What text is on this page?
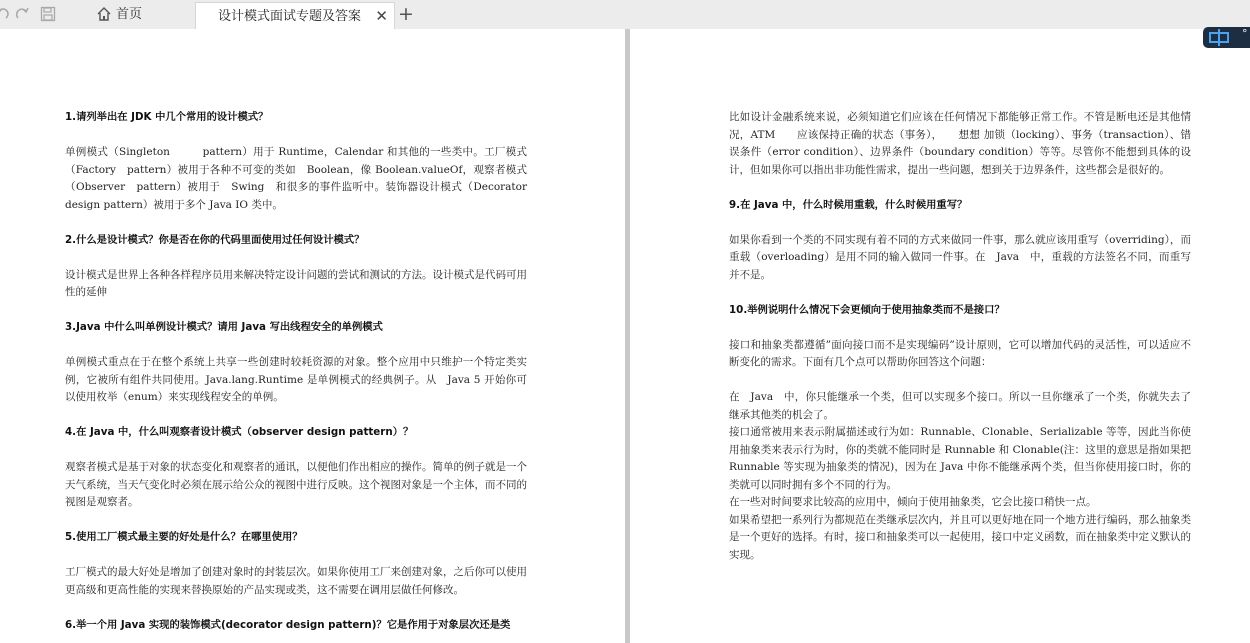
首页	设计模式面试专题及答案 ✕ +

1.请列举出在 JDK 中几个常用的设计模式？

单例模式（Singleton　　　pattern）用于 Runtime，Calendar 和其他的一些类中。工厂模式（Factory　pattern）被用于各种不可变的类如　Boolean，像 Boolean.valueOf，观察者模式（Observer　pattern）被用于　Swing　和很多的事件监听中。装饰器设计模式（Decorator design pattern）被用于多个 Java IO 类中。

2.什么是设计模式？你是否在你的代码里面使用过任何设计模式？

设计模式是世界上各种各样程序员用来解决特定设计问题的尝试和测试的方法。设计模式是代码可用性的延伸

3.Java 中什么叫单例设计模式？请用 Java 写出线程安全的单例模式

单例模式重点在于在整个系统上共享一些创建时较耗资源的对象。整个应用中只维护一个特定类实例，它被所有组件共同使用。Java.lang.Runtime 是单例模式的经典例子。从　Java 5 开始你可以使用枚举（enum）来实现线程安全的单例。

4.在 Java 中，什么叫观察者设计模式（observer design pattern）？

观察者模式是基于对象的状态变化和观察者的通讯，以便他们作出相应的操作。简单的例子就是一个天气系统，当天气变化时必须在展示给公众的视图中进行反映。这个视图对象是一个主体，而不同的视图是观察者。

5.使用工厂模式最主要的好处是什么？在哪里使用？

工厂模式的最大好处是增加了创建对象时的封装层次。如果你使用工厂来创建对象，之后你可以使用更高级和更高性能的实现来替换原始的产品实现或类，这不需要在调用层做任何修改。

6.举一个用 Java 实现的装饰模式(decorator design pattern)？它是作用于对象层次还是类

比如设计金融系统来说，必须知道它们应该在任何情况下都能够正常工作。不管是断电还是其他情况，ATM　　应该保持正确的状态（事务），　　想想 加锁（locking）、事务（transaction）、错误条件（error condition）、边界条件（boundary condition）等等。尽管你不能想到具体的设计，但如果你可以指出非功能性需求，提出一些问题，想到关于边界条件，这些都会是很好的。

9.在 Java 中，什么时候用重载，什么时候用重写？

如果你看到一个类的不同实现有着不同的方式来做同一件事，那么就应该用重写（overriding），而重载（overloading）是用不同的输入做同一件事。在　Java　中，重载的方法签名不同，而重写并不是。

10.举例说明什么情况下会更倾向于使用抽象类而不是接口？

接口和抽象类都遵循”面向接口而不是实现编码”设计原则，它可以增加代码的灵活性，可以适应不断变化的需求。下面有几个点可以帮助你回答这个问题：

在　Java　中，你只能继承一个类，但可以实现多个接口。所以一旦你继承了一个类，你就失去了继承其他类的机会了。

接口通常被用来表示附属描述或行为如：Runnable、Clonable、Serializable 等等，因此当你使用抽象类来表示行为时，你的类就不能同时是 Runnable 和 Clonable(注：这里的意思是指如果把 Runnable 等实现为抽象类的情况)，因为在 Java 中你不能继承两个类，但当你使用接口时，你的类就可以同时拥有多个不同的行为。

在一些对时间要求比较高的应用中，倾向于使用抽象类，它会比接口稍快一点。

如果希望把一系列行为都规范在类继承层次内，并且可以更好地在同一个地方进行编码，那么抽象类是一个更好的选择。有时，接口和抽象类可以一起使用，接口中定义函数，而在抽象类中定义默认的实现。

°
